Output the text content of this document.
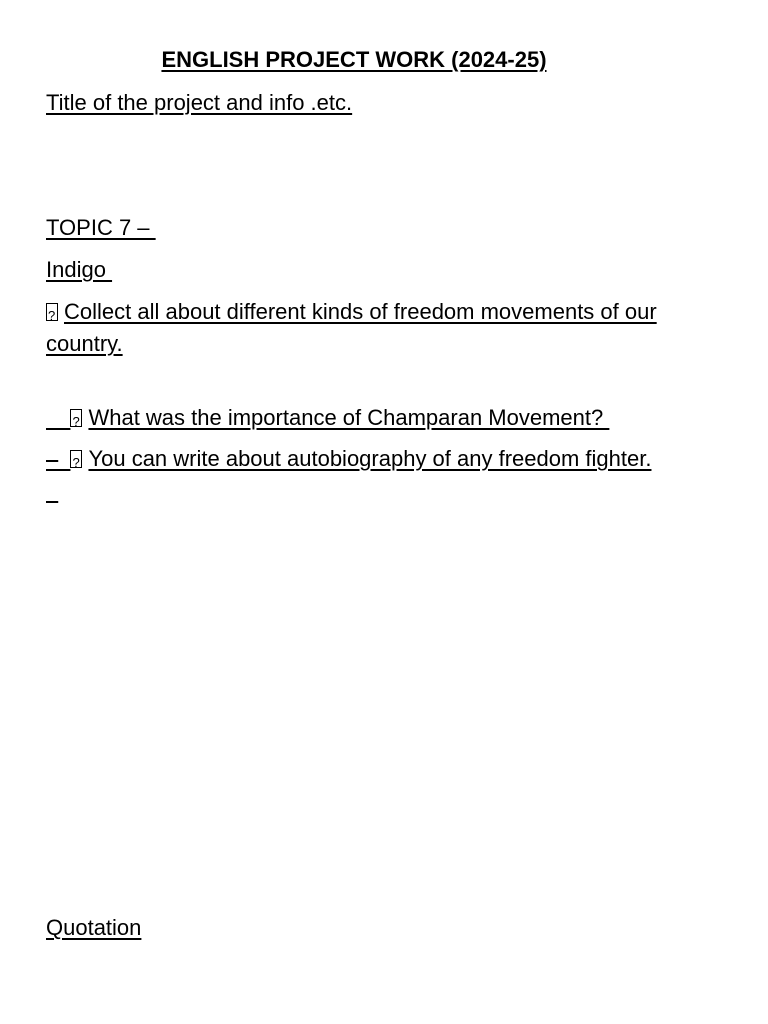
ENGLISH PROJECT WORK (2024-25)
Title of the project and info .etc.
TOPIC 7 –
Indigo
?Collect all about different kinds of freedom movements of our country.

?What was the importance of Champaran Movement?

?You can write about autobiography of any freedom fighter.

Quotation
